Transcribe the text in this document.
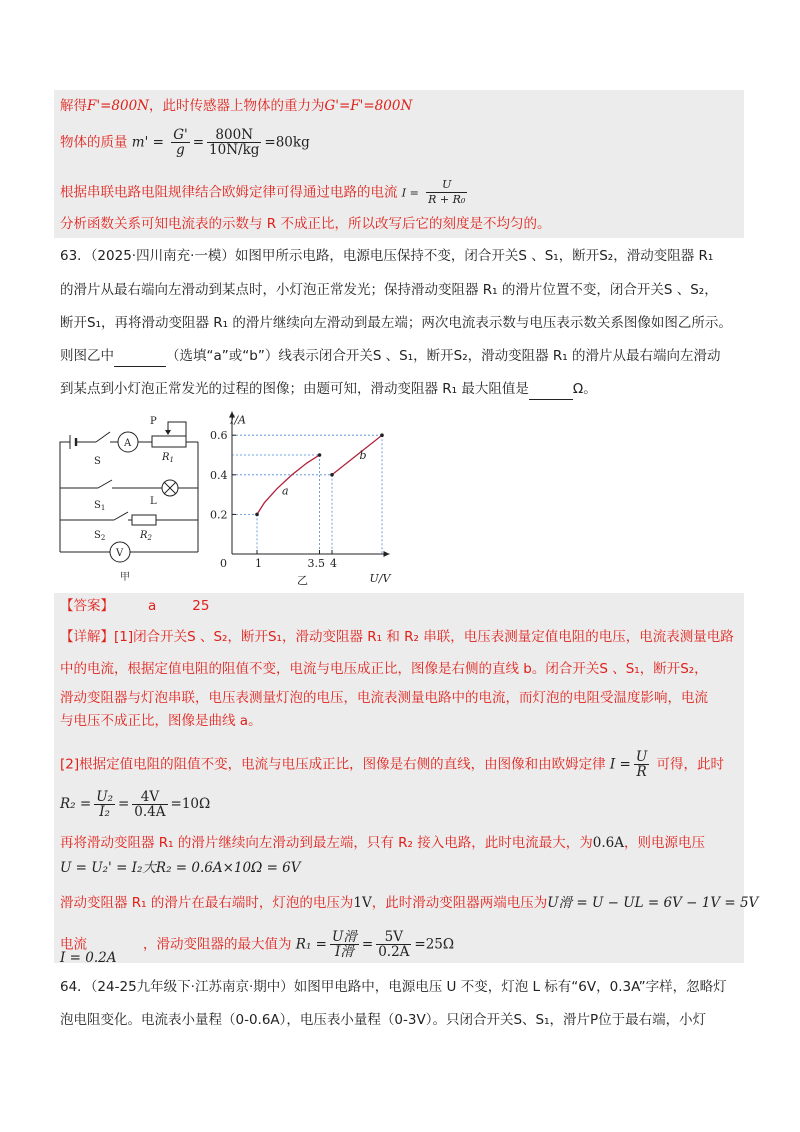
解得F'=800N，此时传感器上物体的重力为G'=F'=800N
物体的质量 $m' = \frac{G'}{g} = \frac{800N}{10N/kg} =80kg$
根据串联电路电阻规律结合欧姆定律可得通过电路的电流 $I = \frac{U}{\text{R + R₀}}$
分析函数关系可知电流表的示数与 R 不成正比，所以改写后它的刻度是不均匀的。
63．（2025·四川南充·一模）如图甲所示电路，电源电压保持不变，闭合开关S 、S₁，断开S₂，滑动变阻器 R₁
的滑片从最右端向左滑动到某点时，小灯泡正常发光；保持滑动变阻器 R₁ 的滑片位置不变，闭合开关S 、S₂，
断开S₁，再将滑动变阻器 R₁ 的滑片继续向左滑动到最左端；两次电流表示数与电压表示数关系图像如图乙所示。
则图乙中	（选填“a”或“b”）线表示闭合开关S 、S₁，断开S₂，滑动变阻器 R₁ 的滑片从最右端向左滑动
到某点到小灯泡正常发光的过程的图像；由题可知，滑动变阻器 R₁ 最大阻值是	Ω。
A
P
$R_1$
S
L
$S_1$
$S_2$	$R_2$
V
甲
I/A
U/V
0
乙
0.2
0.4
0.6
1	3.5 4
a
b
【答案】	a	25
【详解】[1]闭合开关S 、S₂，断开S₁，滑动变阻器 R₁ 和 R₂ 串联，电压表测量定值电阻的电压，电流表测量电路
中的电流，根据定值电阻的阻值不变，电流与电压成正比，图像是右侧的直线 b。闭合开关S 、S₁，断开S₂，
滑动变阻器与灯泡串联，电压表测量灯泡的电压，电流表测量电路中的电流，而灯泡的电阻受温度影响，电流
与电压不成正比，图像是曲线 a。
[2]根据定值电阻的阻值不变，电流与电压成正比，图像是右侧的直线，由图像和由欧姆定律 $I = \frac{U}{R}$ 可得，此时
$R_2 = \frac{\text{U₂}}{\text{I₂}} = \frac{4V}{0.4A} =10\Omega$
再将滑动变阻器 R₁ 的滑片继续向左滑动到最左端，只有 R₂ 接入电路，此时电流最大，为0.6A，则电源电压
U = U₂' = I₂大R₂ = 0.6A×10Ω = 6V
滑动变阻器 R₁ 的滑片在最右端时，灯泡的电压为1V，此时滑动变阻器两端电压为U滑 = U − UL = 6V − 1V = 5V
电流	，滑动变阻器的最大值为 $R_1 = \frac{\text{U滑}}{\text{I滑}} = \frac{5V}{0.2A} =25\Omega$
I = 0.2A
64．（24-25九年级下·江苏南京·期中）如图甲电路中，电源电压 U 不变，灯泡 L 标有“6V，0.3A”字样，忽略灯
泡电阻变化。电流表小量程（0-0.6A），电压表小量程（0-3V）。只闭合开关S、S₁，滑片P位于最右端，小灯
